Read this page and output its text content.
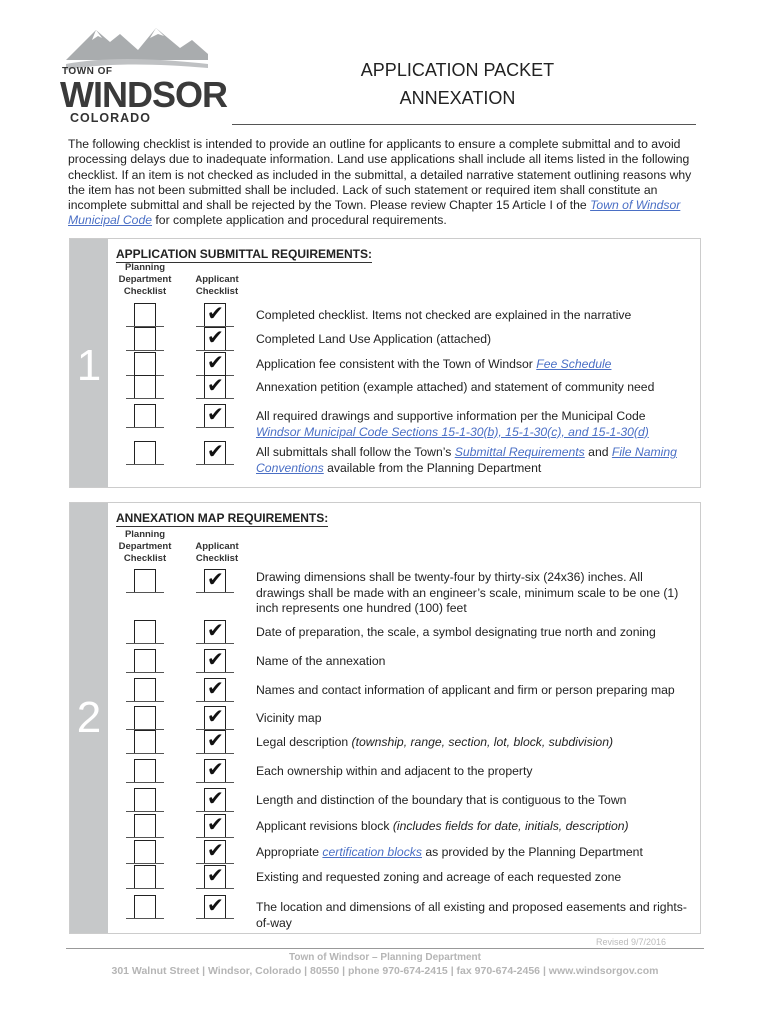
TOWN OF
WINDSOR
COLORADO
APPLICATION PACKET
ANNEXATION
The following checklist is intended to provide an outline for applicants to ensure a complete submittal and to avoid processing delays due to inadequate information. Land use applications shall include all items listed in the following checklist. If an item is not checked as included in the submittal, a detailed narrative statement outlining reasons why the item has not been submitted shall be included. Lack of such statement or required item shall constitute an incomplete submittal and shall be rejected by the Town. Please review Chapter 15 Article I of the Town of Windsor Municipal Code for complete application and procedural requirements.
1
APPLICATION SUBMITTAL REQUIREMENTS:
Planning Department Checklist
Applicant Checklist
✔	Completed checklist. Items not checked are explained in the narrative
✔	Completed Land Use Application (attached)
✔	Application fee consistent with the Town of Windsor Fee Schedule
✔	Annexation petition (example attached) and statement of community need
✔	All required drawings and supportive information per the Municipal Code
Windsor Municipal Code Sections 15-1-30(b), 15-1-30(c), and 15-1-30(d)
✔	All submittals shall follow the Town’s Submittal Requirements and File Naming Conventions available from the Planning Department
2
ANNEXATION MAP REQUIREMENTS:
Planning Department Checklist
Applicant Checklist
✔	Drawing dimensions shall be twenty-four by thirty-six (24x36) inches. All drawings shall be made with an engineer’s scale, minimum scale to be one (1) inch represents one hundred (100) feet
✔	Date of preparation, the scale, a symbol designating true north and zoning
✔	Name of the annexation
✔	Names and contact information of applicant and firm or person preparing map
✔	Vicinity map
✔	Legal description (township, range, section, lot, block, subdivision)
✔	Each ownership within and adjacent to the property
✔	Length and distinction of the boundary that is contiguous to the Town
✔	Applicant revisions block (includes fields for date, initials, description)
✔	Appropriate certification blocks as provided by the Planning Department
✔	Existing and requested zoning and acreage of each requested zone
✔	The location and dimensions of all existing and proposed easements and rights-of-way
Revised 9/7/2016
Town of Windsor – Planning Department
301 Walnut Street | Windsor, Colorado | 80550 | phone 970-674-2415 | fax 970-674-2456 | www.windsorgov.com
